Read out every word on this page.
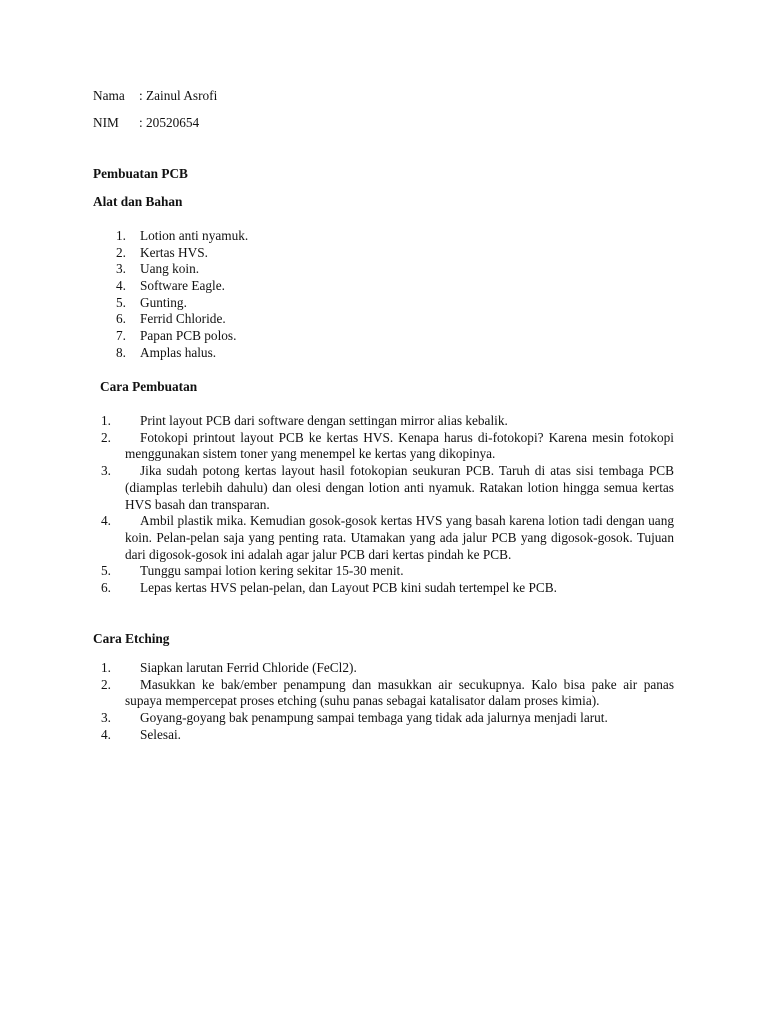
Nama : Zainul Asrofi
NIM : 20520654
Pembuatan PCB
Alat dan Bahan
1. Lotion anti nyamuk.
2. Kertas HVS.
3. Uang koin.
4. Software Eagle.
5. Gunting.
6. Ferrid Chloride.
7. Papan PCB polos.
8. Amplas halus.
Cara Pembuatan
1.	Print layout PCB dari software dengan settingan mirror alias kebalik.
2.	Fotokopi printout layout PCB ke kertas HVS. Kenapa harus di-fotokopi? Karena mesin fotokopi menggunakan sistem toner yang menempel ke kertas yang dikopinya.
3.	Jika sudah potong kertas layout hasil fotokopian seukuran PCB. Taruh di atas sisi tembaga PCB (diamplas terlebih dahulu) dan olesi dengan lotion anti nyamuk. Ratakan lotion hingga semua kertas HVS basah dan transparan.
4.	Ambil plastik mika. Kemudian gosok-gosok kertas HVS yang basah karena lotion tadi dengan uang koin. Pelan-pelan saja yang penting rata. Utamakan yang ada jalur PCB yang digosok-gosok. Tujuan dari digosok-gosok ini adalah agar jalur PCB dari kertas pindah ke PCB.
5.	Tunggu sampai lotion kering sekitar 15-30 menit.
6.	Lepas kertas HVS pelan-pelan, dan Layout PCB kini sudah tertempel ke PCB.
Cara Etching
1.	Siapkan larutan Ferrid Chloride (FeCl2).
2.	Masukkan ke bak/ember penampung dan masukkan air secukupnya. Kalo bisa pake air panas supaya mempercepat proses etching (suhu panas sebagai katalisator dalam proses kimia).
3.	Goyang-goyang bak penampung sampai tembaga yang tidak ada jalurnya menjadi larut.
4.	Selesai.
